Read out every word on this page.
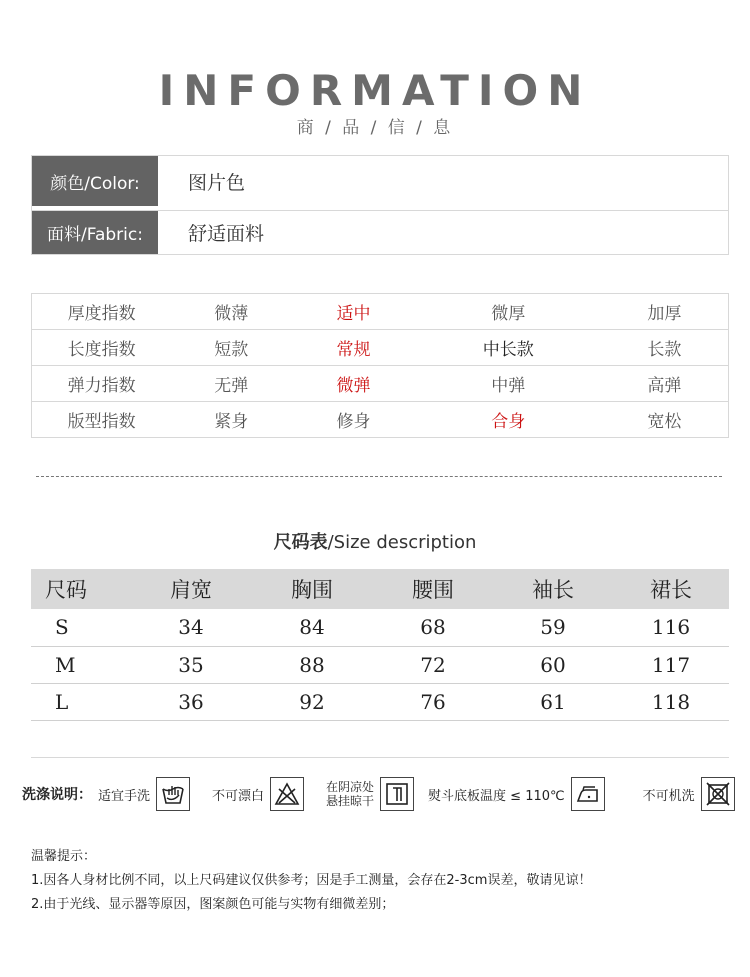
INFORMATION
商 / 品 / 信 / 息
颜色/Color:	图片色
面料/Fabric:	舒适面料
厚度指数	微薄	适中	微厚	加厚
长度指数	短款	常规	中长款	长款
弹力指数	无弹	微弹	中弹	高弹
版型指数	紧身	修身	合身	宽松
尺码表/Size description
尺码	肩宽	胸围	腰围	袖长	裙长
S	34	84	68	59	116
M	35	88	72	60	117
L	36	92	76	61	118
洗涤说明： 适宜手洗	不可漂白
在阴凉处
悬挂晾干	熨斗底板温度 ≤ 110℃	不可机洗
温馨提示：
1.因各人身材比例不同，以上尺码建议仅供参考；因是手工测量，会存在2-3cm误差，敬请见谅！
2.由于光线、显示器等原因，图案颜色可能与实物有细微差别；
